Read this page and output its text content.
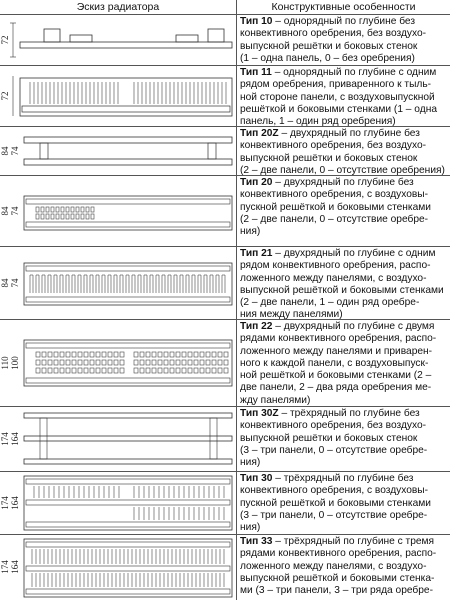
Эскиз радиатора	Конструктивные особенности
72
Тип 10 – однорядный по глубине без
конвективного оребрения, без воздухо-
выпускной решётки и боковых стенок
(1 – одна панель, 0 – без оребрения)
72
Тип 11 – однорядный по глубине с одним
рядом оребрения, приваренного к тыль-
ной стороне панели, с воздуховыпускной
решёткой и боковыми стенками (1 – одна
панель, 1 – один ряд оребрения)
84 74
Тип 20Z – двухрядный по глубине без
конвективного оребрения, без воздухо-
выпускной решётки и боковых стенок
(2 – две панели, 0 – отсутствие оребрения)
84 74
Тип 20 – двухрядный по глубине без
конвективного оребрения, с воздуховы-
пускной решёткой и боковыми стенками
(2 – две панели, 0 – отсутствие оребре-
ния)
84 74
Тип 21 – двухрядный по глубине с одним
рядом конвективного оребрения, распо-
ложенного между панелями, с воздухо-
выпускной решёткой и боковыми стенками
(2 – две панели, 1 – один ряд оребре-
ния между панелями)
110 100
Тип 22 – двухрядный по глубине с двумя
рядами конвективного оребрения, распо-
ложенного между панелями и приварен-
ного к каждой панели, с воздуховыпуск-
ной решёткой и боковыми стенками (2 –
две панели, 2 – два ряда оребрения ме-
жду панелями)
174 164
Тип 30Z – трёхрядный по глубине без
конвективного оребрения, без воздухо-
выпускной решётки и боковых стенок
(3 – три панели, 0 – отсутствие оребре-
ния)
174 164
Тип 30 – трёхрядный по глубине без
конвективного оребрения, с воздуховы-
пускной решёткой и боковыми стенками
(3 – три панели, 0 – отсутствие оребре-
ния)
174 164
Тип 33 – трёхрядный по глубине с тремя
рядами конвективного оребрения, распо-
ложенного между панелями, с воздухо-
выпускной решёткой и боковыми стенка-
ми (3 – три панели, 3 – три ряда оребре-
